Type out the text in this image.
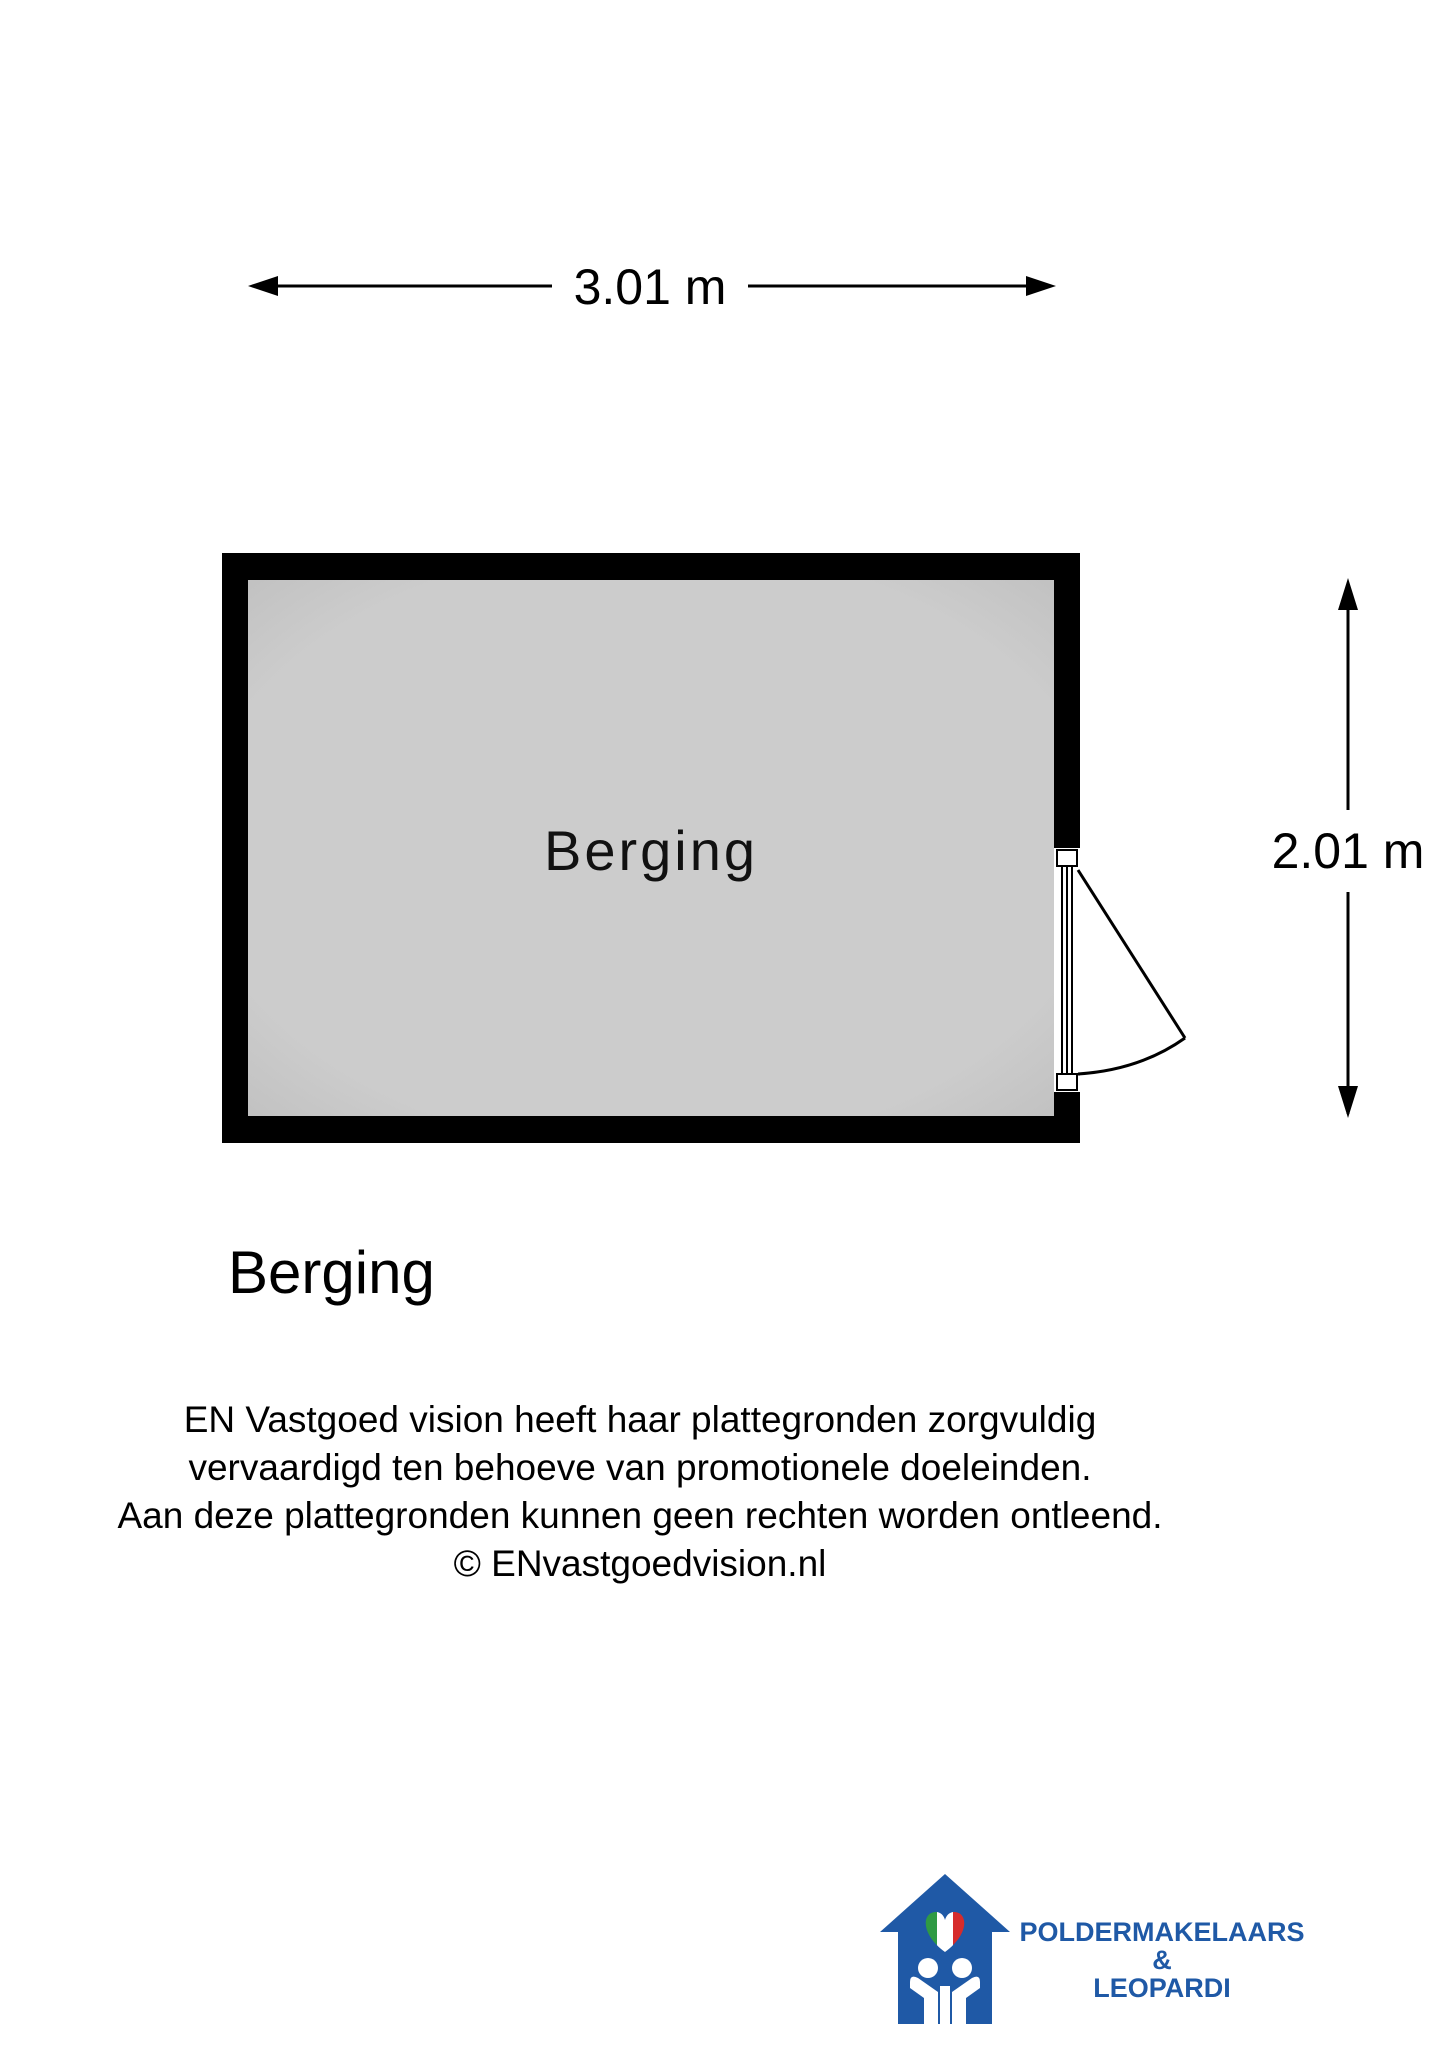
3.01 m
2.01 m
Berging
Berging
EN Vastgoed vision heeft haar plattegronden zorgvuldig
vervaardigd ten behoeve van promotionele doeleinden.
Aan deze plattegronden kunnen geen rechten worden ontleend.
© ENvastgoedvision.nl
POLDERMAKELAARS
&
LEOPARDI
